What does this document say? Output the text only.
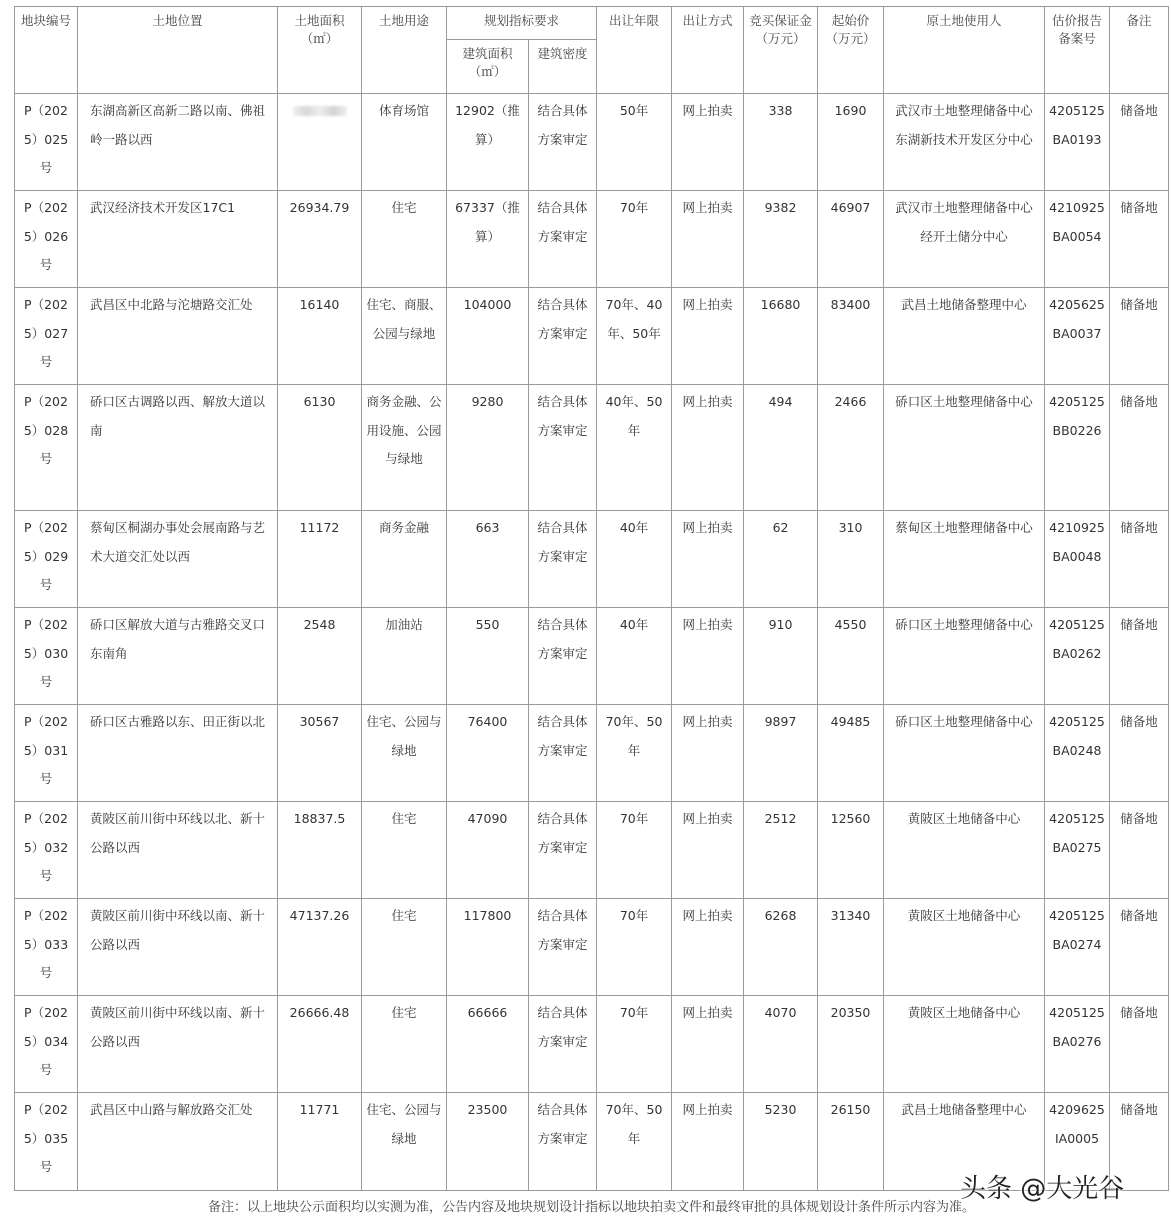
地块编号	土地位置	土地面积（㎡）	土地用途	规划指标要求		出让年限	出让方式	竞买保证金（万元）	起始价（万元）	原土地使用人	估价报告备案号	备注
				建筑面积（㎡）	建筑密度							
P（2025）025号	东湖高新区高新二路以南、佛祖岭一路以西		体育场馆	12902（推算）	结合具体方案审定	50年	网上拍卖	338	1690	武汉市土地整理储备中心东湖新技术开发区分中心	4205125BA0193	储备地
P（2025）026号	武汉经济技术开发区17C1	26934.79	住宅	67337（推算）	结合具体方案审定	70年	网上拍卖	9382	46907	武汉市土地整理储备中心经开土储分中心	4210925BA0054	储备地
P（2025）027号	武昌区中北路与沱塘路交汇处	16140	住宅、商服、公园与绿地	104000	结合具体方案审定	70年、40年、50年	网上拍卖	16680	83400	武昌土地储备整理中心	4205625BA0037	储备地
P（2025）028号	硚口区古调路以西、解放大道以南	6130	商务金融、公用设施、公园与绿地	9280	结合具体方案审定	40年、50年	网上拍卖	494	2466	硚口区土地整理储备中心	4205125BB0226	储备地
P（2025）029号	蔡甸区桐湖办事处会展南路与艺术大道交汇处以西	11172	商务金融	663	结合具体方案审定	40年	网上拍卖	62	310	蔡甸区土地整理储备中心	4210925BA0048	储备地
P（2025）030号	硚口区解放大道与古雅路交叉口东南角	2548	加油站	550	结合具体方案审定	40年	网上拍卖	910	4550	硚口区土地整理储备中心	4205125BA0262	储备地
P（2025）031号	硚口区古雅路以东、田正街以北	30567	住宅、公园与绿地	76400	结合具体方案审定	70年、50年	网上拍卖	9897	49485	硚口区土地整理储备中心	4205125BA0248	储备地
P（2025）032号	黄陂区前川街中环线以北、新十公路以西	18837.5	住宅	47090	结合具体方案审定	70年	网上拍卖	2512	12560	黄陂区土地储备中心	4205125BA0275	储备地
P（2025）033号	黄陂区前川街中环线以南、新十公路以西	47137.26	住宅	117800	结合具体方案审定	70年	网上拍卖	6268	31340	黄陂区土地储备中心	4205125BA0274	储备地
P（2025）034号	黄陂区前川街中环线以南、新十公路以西	26666.48	住宅	66666	结合具体方案审定	70年	网上拍卖	4070	20350	黄陂区土地储备中心	4205125BA0276	储备地
P（2025）035号	武昌区中山路与解放路交汇处	11771	住宅、公园与绿地	23500	结合具体方案审定	70年、50年	网上拍卖	5230	26150	武昌土地储备整理中心	4209625IA0005	储备地
备注：以上地块公示面积均以实测为准，公告内容及地块规划设计指标以地块拍卖文件和最终审批的具体规划设计条件所示内容为准。
头条 @大光谷
